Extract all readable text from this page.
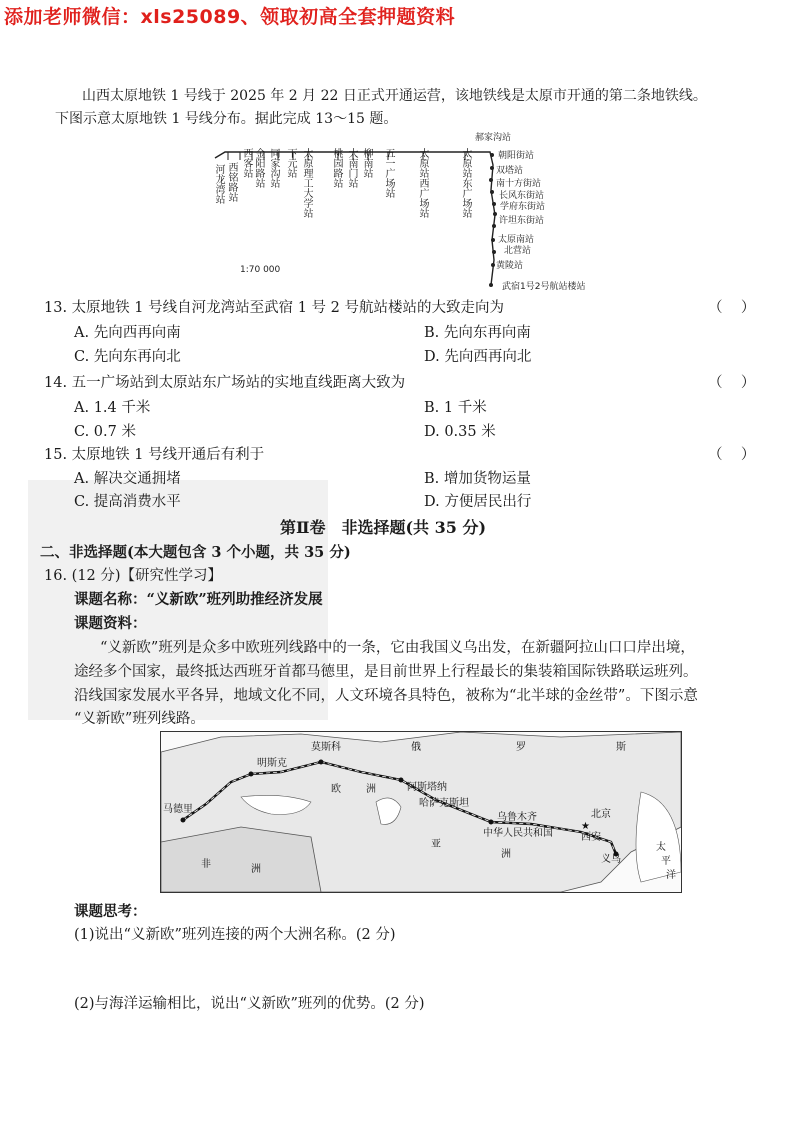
添加老师微信：xls25089、领取初高全套押题资料
山西太原地铁 1 号线于 2025 年 2 月 22 日正式开通运营，该地铁线是太原市开通的第二条地铁线。
下图示意太原地铁 1 号线分布。据此完成 13～15 题。
郝家沟站
朝阳街站
双塔站
南十方街站
长风东街站
学府东街站
许坦东街站
太原南站
北营站
黄陵站
武宿1号2号航站楼站
1:70 000
河龙湾站 西铭路站 西客站 金阳路站 同家沟站 下元站 太原理工大学站 桃园路站 大南门站 柳南站 五一广场站 太原站西广场站	太原站东广场站
13. 太原地铁 1 号线自河龙湾站至武宿 1 号 2 号航站楼站的大致走向为	（    ）
A. 先向西再向南	B. 先向东再向南
C. 先向东再向北	D. 先向西再向北
14. 五一广场站到太原站东广场站的实地直线距离大致为	（    ）
A. 1.4 千米	B. 1 千米
C. 0.7 米	D. 0.35 米
15. 太原地铁 1 号线开通后有利于	（    ）
A. 解决交通拥堵	B. 增加货物运量
C. 提高消费水平	D. 方便居民出行
第Ⅱ卷　非选择题(共 35 分)
二、非选择题(本大题包含 3 个小题，共 35 分)
16. (12 分)【研究性学习】
课题名称：“义新欧”班列助推经济发展
课题资料：
“义新欧”班列是众多中欧班列线路中的一条，它由我国义乌出发，在新疆阿拉山口口岸出境，
途经多个国家，最终抵达西班牙首都马德里，是目前世界上行程最长的集装箱国际铁路联运班列。
沿线国家发展水平各异，地域文化不同，人文环境各具特色，被称为“北半球的金丝带”。下图示意
“义新欧”班列线路。
★
莫斯科	俄	罗	斯
明斯克
欧	洲	阿斯塔纳
哈萨克斯坦
乌鲁木齐
中华人民共和国
北京
西安
义乌
马德里
非	洲
亚
洲
太
平
洋
课题思考：
(1)说出“义新欧”班列连接的两个大洲名称。(2 分)
(2)与海洋运输相比，说出“义新欧”班列的优势。(2 分)
